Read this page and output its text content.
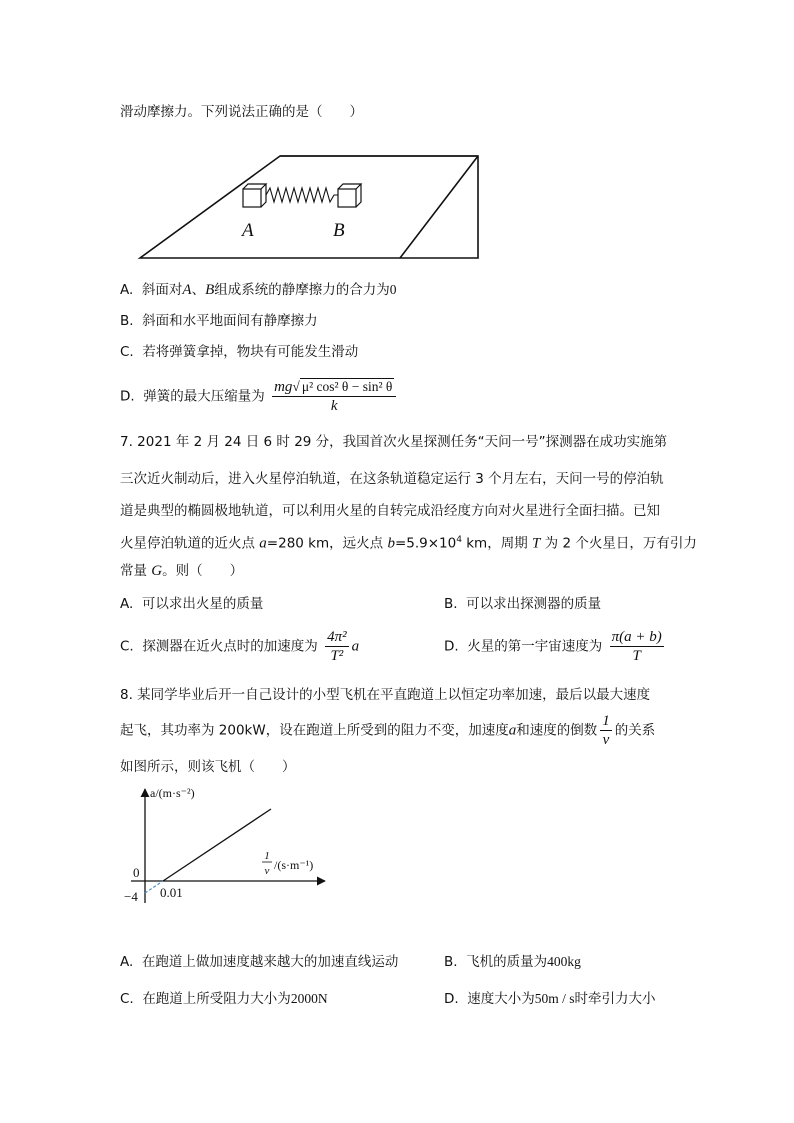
滑动摩擦力。下列说法正确的是（　　）
A	B
A. 斜面对A、B组成系统的静摩擦力的合力为0
B. 斜面和水平地面间有静摩擦力
C. 若将弹簧拿掉，物块有可能发生滑动
D. 弹簧的最大压缩量为 $\frac{\text{mg√ μ² cos² θ − sin² θ}}{k}$
7. 2021 年 2 月 24 日 6 时 29 分，我国首次火星探测任务“天问一号”探测器在成功实施第
三次近火制动后，进入火星停泊轨道，在这条轨道稳定运行 3 个月左右，天问一号的停泊轨
道是典型的椭圆极地轨道，可以利用火星的自转完成沿经度方向对火星进行全面扫描。已知
火星停泊轨道的近火点 a=280 km，远火点 $b=5.9\times 10^4$ km，周期 T 为 2 个火星日，万有引力
常量 G。则（　　）
A. 可以求出火星的质量	B. 可以求出探测器的质量
C. 探测器在近火点时的加速度为 $\frac{\text{4π²}}{\text{T²}}$ a	D. 火星的第一宇宙速度为 $\frac{\pi(a + b)}{T}$
8. 某同学毕业后开一自己设计的小型飞机在平直跑道上以恒定功率加速，最后以最大速度
起飞，其功率为 200kW，设在跑道上所受到的阻力不变，加速度a和速度的倒数 $\frac{1}{v}$ 的关系
如图所示，则该飞机（　　）
a/(m·s⁻²)
1
v /(s·m⁻¹)
0
−4 0.01
A. 在跑道上做加速度越来越大的加速直线运动	B. 飞机的质量为400kg
C. 在跑道上所受阻力大小为2000N	D. 速度大小为50m / s时牵引力大小
